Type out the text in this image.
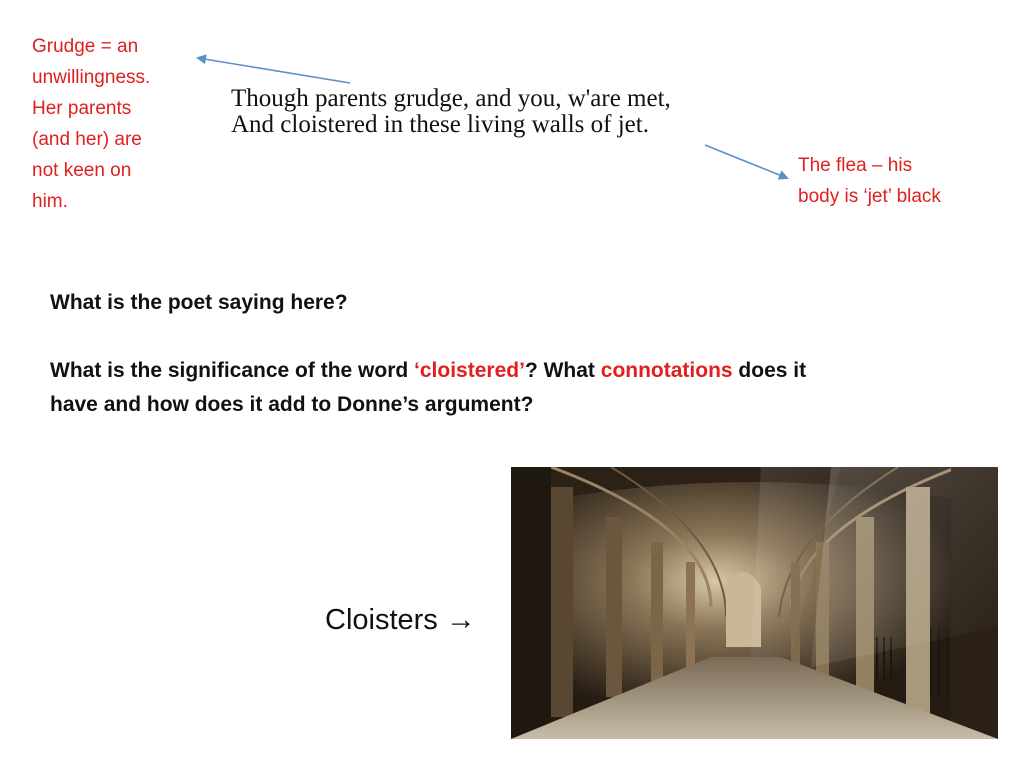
Grudge = an
unwillingness.
Her parents
(and her) are
not keen on
him.
Though parents grudge, and you, w'are met,
And cloistered in these living walls of jet.
The flea – his
body is ‘jet’ black

What is the poet saying here?

What is the significance of the word ‘cloistered’? What connotations does it

have and how does it add to Donne’s argument?

Cloisters →
